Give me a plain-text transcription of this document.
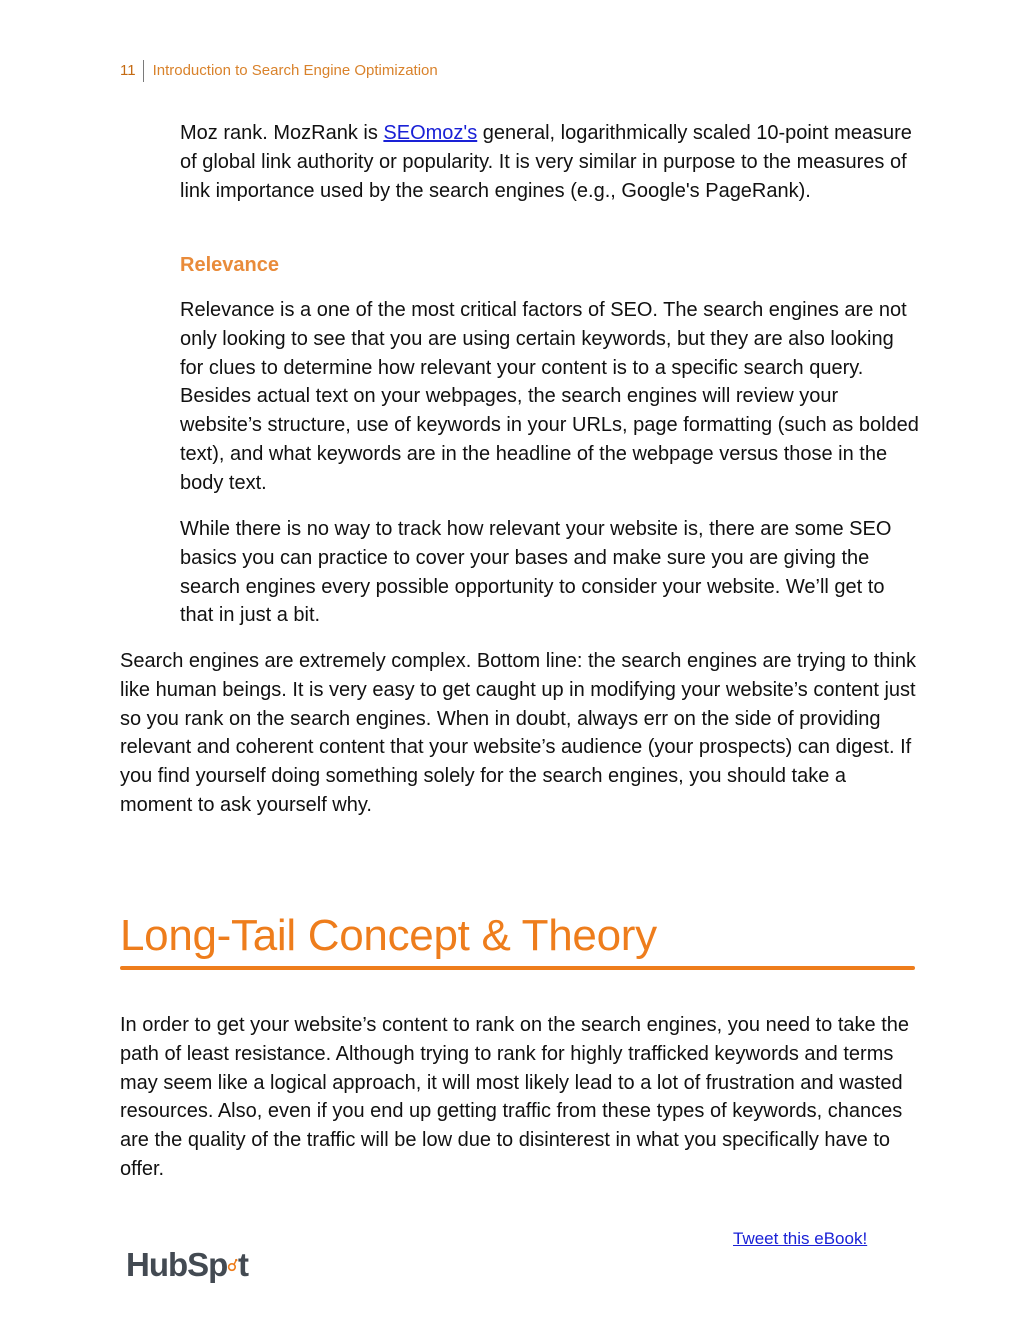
11	Introduction to Search Engine Optimization

Moz rank. MozRank is SEOmoz's general, logarithmically scaled 10-point measure of global link authority or popularity. It is very similar in purpose to the measures of link importance used by the search engines (e.g., Google's PageRank).

Relevance

Relevance is a one of the most critical factors of SEO. The search engines are not only looking to see that you are using certain keywords, but they are also looking for clues to determine how relevant your content is to a specific search query. Besides actual text on your webpages, the search engines will review your website’s structure, use of keywords in your URLs, page formatting (such as bolded text), and what keywords are in the headline of the webpage versus those in the body text.

While there is no way to track how relevant your website is, there are some SEO basics you can practice to cover your bases and make sure you are giving the search engines every possible opportunity to consider your website. We’ll get to that in just a bit.

Search engines are extremely complex. Bottom line: the search engines are trying to think like human beings. It is very easy to get caught up in modifying your website’s content just so you rank on the search engines. When in doubt, always err on the side of providing relevant and coherent content that your website’s audience (your prospects) can digest. If you find yourself doing something solely for the search engines, you should take a moment to ask yourself why.

Long-Tail Concept & Theory

In order to get your website’s content to rank on the search engines, you need to take the path of least resistance. Although trying to rank for highly trafficked keywords and terms may seem like a logical approach, it will most likely lead to a lot of frustration and wasted resources. Also, even if you end up getting traffic from these types of keywords, chances are the quality of the traffic will be low due to disinterest in what you specifically have to offer.

Tweet this eBook!
HubSp t
